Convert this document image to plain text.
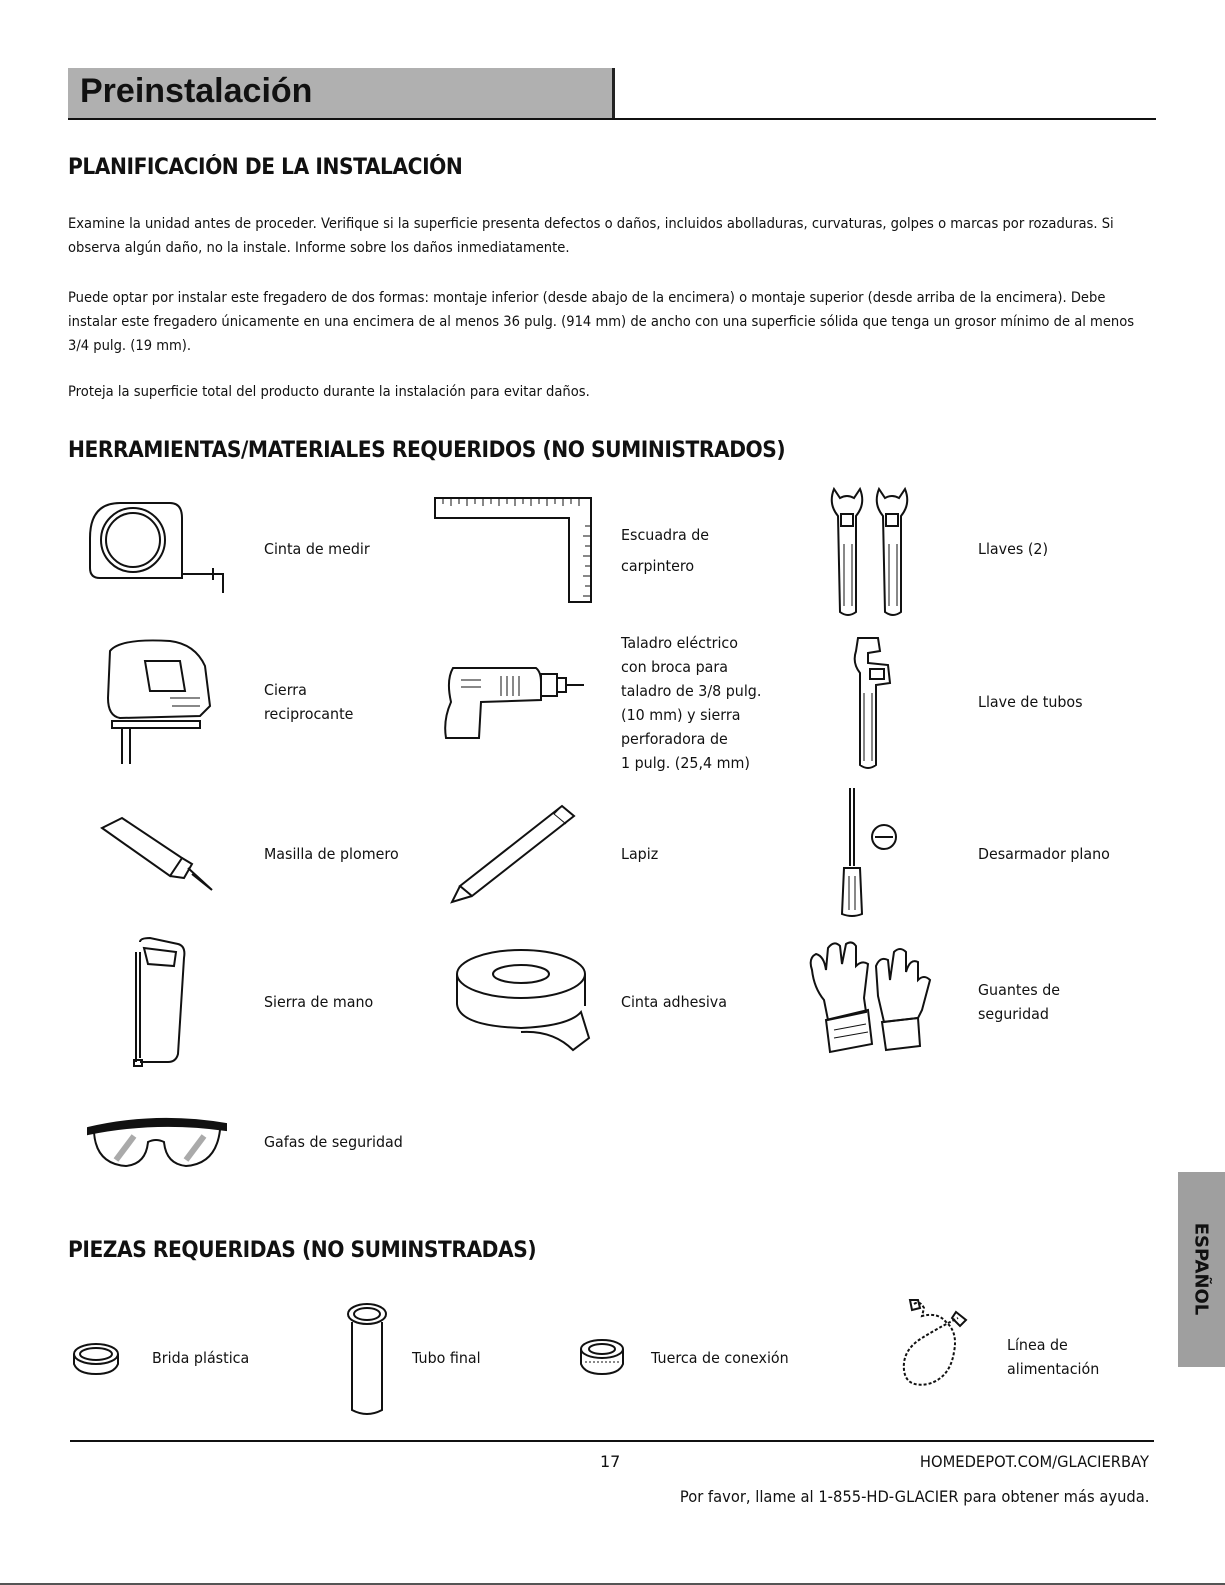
Preinstalación
PLANIFICACIÓN DE LA INSTALACIÓN
Examine la unidad antes de proceder. Verifique si la superficie presenta defectos o daños, incluidos abolladuras, curvaturas, golpes o marcas por rozaduras. Si observa algún daño, no la instale. Informe sobre los daños inmediatamente.
Puede optar por instalar este fregadero de dos formas: montaje inferior (desde abajo de la encimera) o montaje superior (desde arriba de la encimera). Debe instalar este fregadero únicamente en una encimera de al menos 36 pulg. (914 mm) de ancho con una superficie sólida que tenga un grosor mínimo de al menos 3/4 pulg. (19 mm).
Proteja la superficie total del producto durante la instalación para evitar daños.
HERRAMIENTAS/MATERIALES REQUERIDOS (NO SUMINISTRADOS)
Cinta de medir
Escuadra de
carpintero
Llaves (2)
Cierra
reciprocante
Taladro eléctrico
con broca para
taladro de 3/8 pulg.
(10 mm) y sierra
perforadora de
1 pulg. (25,4 mm)
Llave de tubos
Masilla de plomero	Lapiz	Desarmador plano
Sierra de mano	Cinta adhesiva
Guantes de
seguridad
Gafas de seguridad
PIEZAS REQUERIDAS (NO SUMINSTRADAS)
Brida plástica	Tubo final	Tuerca de conexión
Línea de
alimentación
17	HOMEDEPOT.COM/GLACIERBAY
Por favor, llame al 1-855-HD-GLACIER para obtener más ayuda.
ESPAÑOL
